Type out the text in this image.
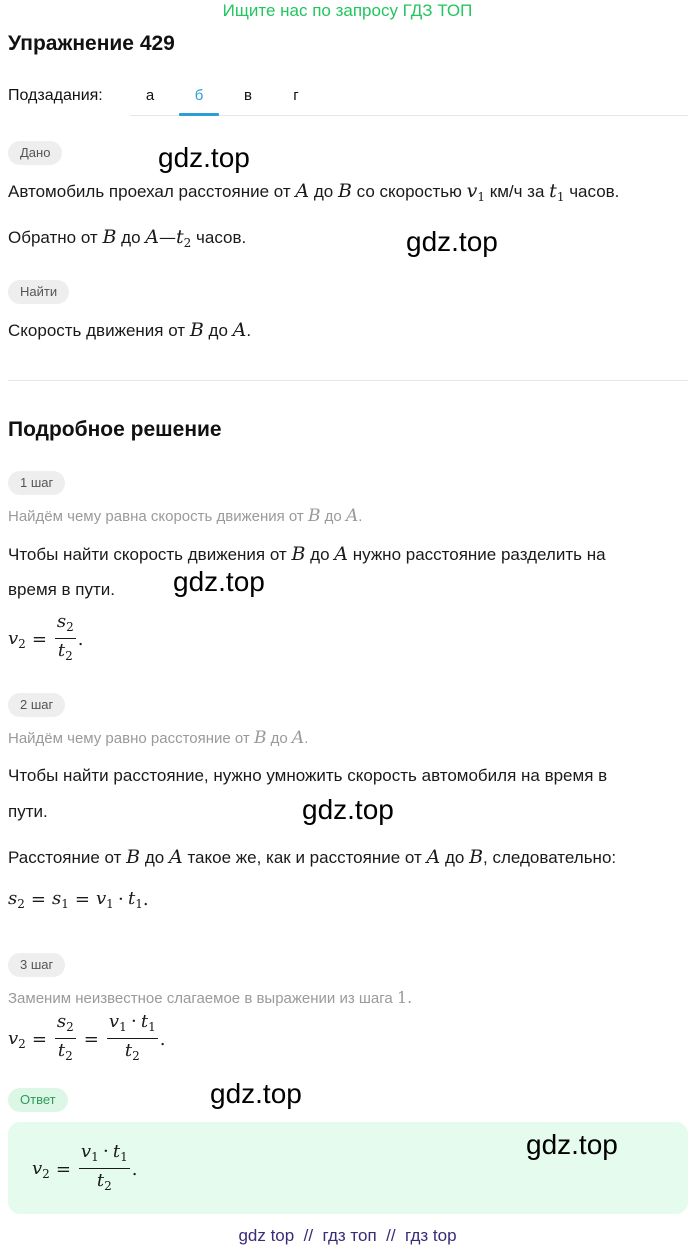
Ищите нас по запросу ГДЗ ТОП
Упражнение 429
Подзадания:	а	б	в	г
Дано	gdz.top
Автомобиль проехал расстояние от A до B со скоростью $v_1$ км/ч за $t_1$ часов.
Обратно от B до $A—t_2$ часов.	gdz.top
Найти
Скорость движения от B до A.
Подробное решение
1 шаг
Найдём чему равна скорость движения от B до A.
Чтобы найти скорость движения от B до A нужно расстояние разделить на
время в пути. gdz.top
$v_2 = \frac{s_2}{t_2}$ .
2 шаг
Найдём чему равно расстояние от B до A.
Чтобы найти расстояние, нужно умножить скорость автомобиля на время в
пути.	gdz.top
Расстояние от B до A такое же, как и расстояние от A до B, следовательно:
$s_2 = s_1 = v_1 \cdot t_1$ .
3 шаг
Заменим неизвестное слагаемое в выражении из шага 1.
$v_2 = \frac{s_2}{t_2} = \frac{v_1 \cdot t_1}{t_2}$ .
Ответ	gdz.top
$v_2 = \frac{v_1 \cdot t_1}{t_2}$ .
gdz.top
gdz top  //  гдз топ  //  гдз top
